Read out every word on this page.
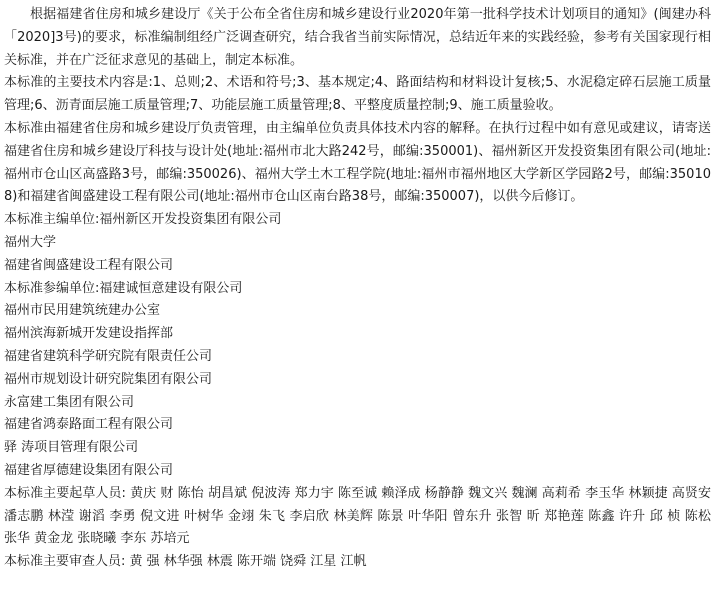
根据福建省住房和城乡建设厅《关于公布全省住房和城乡建设行业2020年第一批科学技术计划项目的通知》(闽建办科「2020]3号)的要求，标准编制组经广泛调查研究，结合我省当前实际情况，总结近年来的实践经验，参考有关国家现行相关标准，并在广泛征求意见的基础上，制定本标准。

本标准的主要技术内容是:1、总则;2、术语和符号;3、基本规定;4、路面结构和材料设计复核;5、水泥稳定碎石层施工质量管理;6、沥青面层施工质量管理;7、功能层施工质量管理;8、平整度质量控制;9、施工质量验收。

本标准由福建省住房和城乡建设厅负责管理，由主编单位负责具体技术内容的解释。在执行过程中如有意见或建议，请寄送福建省住房和城乡建设厅科技与设计处(地址:福州市北大路242号，邮编:350001)、福州新区开发投资集团有限公司(地址:福州市仓山区高盛路3号，邮编:350026)、福州大学土木工程学院(地址:福州市福州地区大学新区学园路2号，邮编:350108)和福建省闽盛建设工程有限公司(地址:福州市仓山区南台路38号，邮编:350007)，以供今后修订。

本标准主编单位:福州新区开发投资集团有限公司

福州大学

福建省闽盛建设工程有限公司

本标准参编单位:福建诚恒意建设有限公司

福州市民用建筑统建办公室

福州滨海新城开发建设指挥部

福建省建筑科学研究院有限责任公司

福州市规划设计研究院集团有限公司

永富建工集团有限公司

福建省鸿泰路面工程有限公司

驿 涛项目管理有限公司

福建省厚德建设集团有限公司

本标准主要起草人员: 黄庆 财 陈怡 胡昌斌 倪波涛 郑力宇 陈至诚 赖泽成 杨静静 魏文兴 魏澜 高莉希 李玉华 林颖捷 高贤安 潘志鹏 林滢 谢滔 李勇 倪文进 叶树华 金翊 朱飞 李启欣 林美辉 陈景 叶华阳 曾东升 张智 昕 郑艳莲 陈鑫 许升 邱 桢 陈松 张华 黄金龙 张晓曦 李东 苏培元

本标准主要审查人员: 黄 强 林华强 林震 陈开端 饶舜 江星 江帆
